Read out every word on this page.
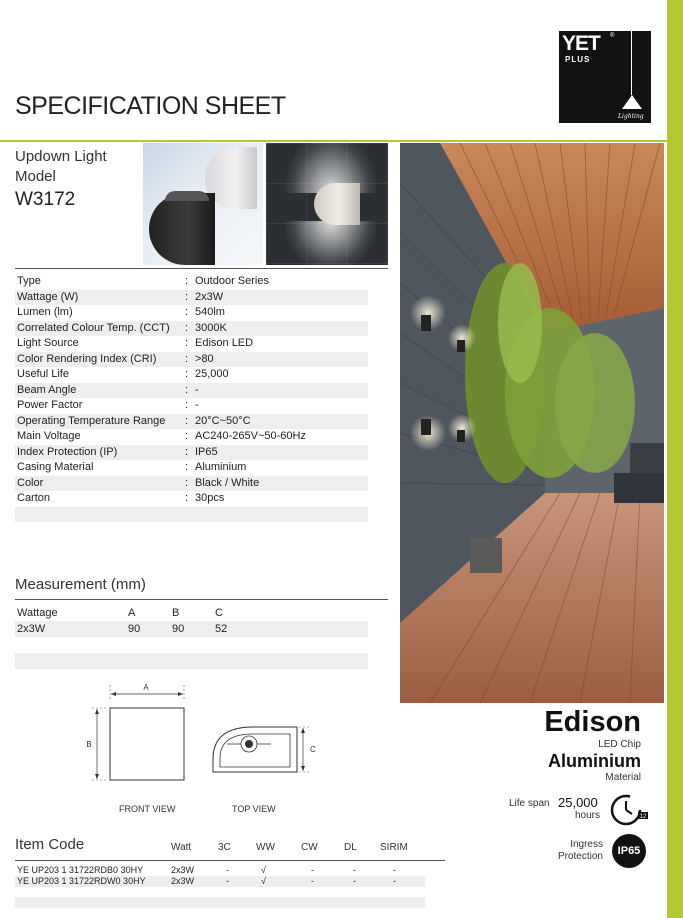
YET ®
PLUS
Lighting
SPECIFICATION SHEET
Updown Light
Model
W3172
Type	: Outdoor Series
Wattage (W)	: 2x3W
Lumen (lm)	: 540lm
Correlated Colour Temp. (CCT) : 3000K
Light Source	: Edison LED
Color Rendering Index (CRI)	: >80
Useful Life	: 25,000
Beam Angle	: -
Power Factor	: -
Operating Temperature Range : 20°C~50°C
Main Voltage	: AC240-265V~50-60Hz
Index Protection (IP)	: IP65
Casing Material	: Aluminium
Color	: Black / White
Carton	: 30pcs
Measurement (mm)
Wattage	A	B	C
2x3W	90	90	52
A
B
C
FRONT VIEW	TOP VIEW
Edison
LED Chip
Aluminium
Material
Life span 25,000
hours	12
Ingress
Protection	IP65
Item Code	Watt	3C	WW	CW	DL SIRIM
YE UP203 1 31722RDB0 30HY	2x3W	-	√	-	-	-
YE UP203 1 31722RDW0 30HY	2x3W	-	√	-	-	-
